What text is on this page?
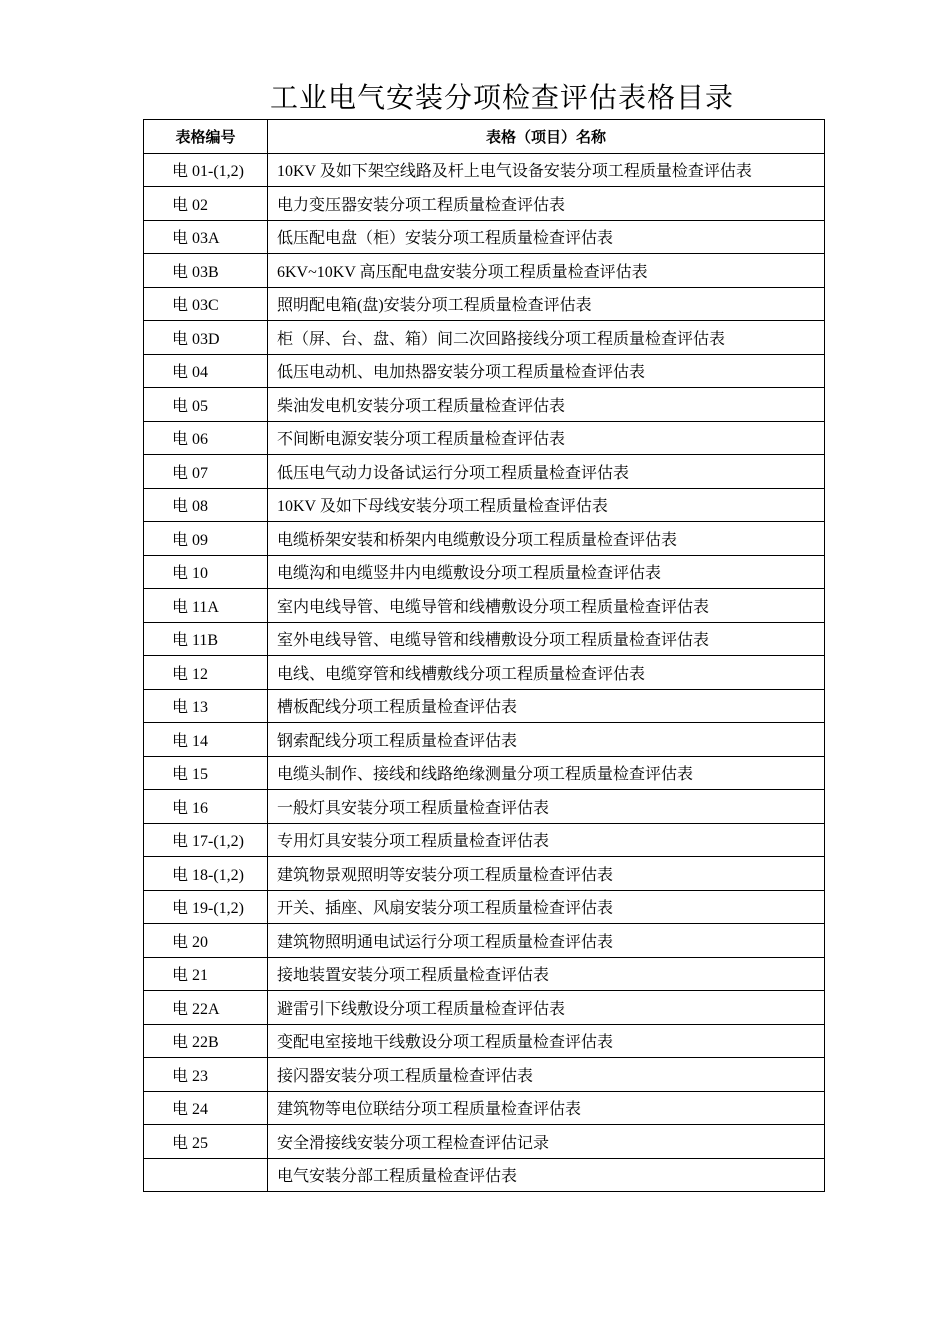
工业电气安装分项检查评估表格目录
表格编号	表格（项目）名称
电 01-(1,2)	10KV 及如下架空线路及杆上电气设备安装分项工程质量检查评估表
电 02	电力变压器安装分项工程质量检查评估表
电 03A	低压配电盘（柜）安装分项工程质量检查评估表
电 03B	6KV~10KV 高压配电盘安装分项工程质量检查评估表
电 03C	照明配电箱(盘)安装分项工程质量检查评估表
电 03D	柜（屏、台、盘、箱）间二次回路接线分项工程质量检查评估表
电 04	低压电动机、电加热器安装分项工程质量检查评估表
电 05	柴油发电机安装分项工程质量检查评估表
电 06	不间断电源安装分项工程质量检查评估表
电 07	低压电气动力设备试运行分项工程质量检查评估表
电 08	10KV 及如下母线安装分项工程质量检查评估表
电 09	电缆桥架安装和桥架内电缆敷设分项工程质量检查评估表
电 10	电缆沟和电缆竖井内电缆敷设分项工程质量检查评估表
电 11A	室内电线导管、电缆导管和线槽敷设分项工程质量检查评估表
电 11B	室外电线导管、电缆导管和线槽敷设分项工程质量检查评估表
电 12	电线、电缆穿管和线槽敷线分项工程质量检查评估表
电 13	槽板配线分项工程质量检查评估表
电 14	钢索配线分项工程质量检查评估表
电 15	电缆头制作、接线和线路绝缘测量分项工程质量检查评估表
电 16	一般灯具安装分项工程质量检查评估表
电 17-(1,2)	专用灯具安装分项工程质量检查评估表
电 18-(1,2)	建筑物景观照明等安装分项工程质量检查评估表
电 19-(1,2)	开关、插座、风扇安装分项工程质量检查评估表
电 20	建筑物照明通电试运行分项工程质量检查评估表
电 21	接地装置安装分项工程质量检查评估表
电 22A	避雷引下线敷设分项工程质量检查评估表
电 22B	变配电室接地干线敷设分项工程质量检查评估表
电 23	接闪器安装分项工程质量检查评估表
电 24	建筑物等电位联结分项工程质量检查评估表
电 25	安全滑接线安装分项工程检查评估记录
	电气安装分部工程质量检查评估表
